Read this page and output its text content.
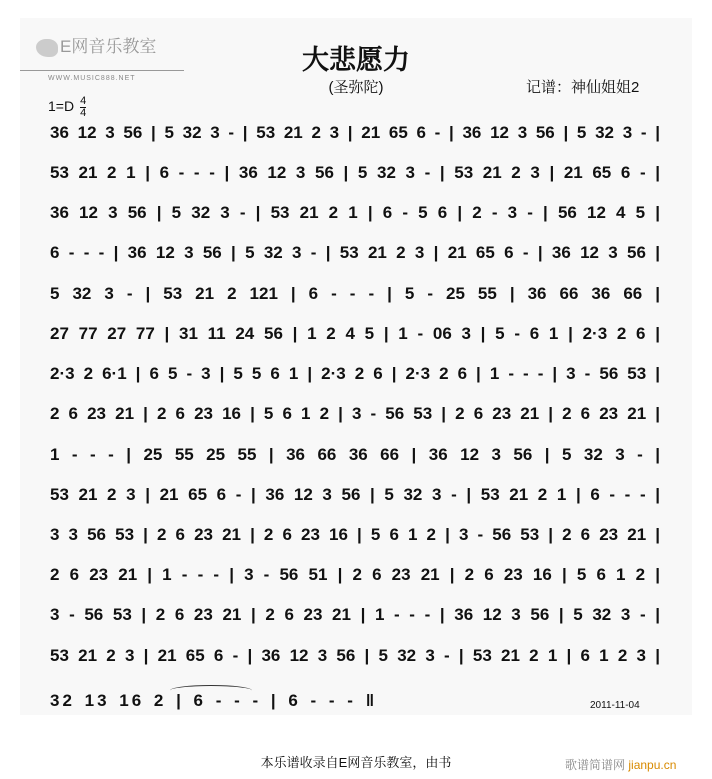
E网音乐教室
WWW.MUSIC888.NET
大悲愿力
(圣弥陀)	记谱：神仙姐姐2
$1=D \frac{4}{4}$
36 12 3 56 | 5 32 3 - | 53 21 2 3 | 21 65 6 - | 36 12 3 56 | 5 32 3 - |
53 21 2 1 | 6 - - - | 36 12 3 56 | 5 32 3 - | 53 21 2 3 | 21 65 6 - |
36 12 3 56 | 5 32 3 - | 53 21 2 1 | 6 - 5 6 | 2 - 3 - | 56 12 4 5 |
6 - - - | 36 12 3 56 | 5 32 3 - | 53 21 2 3 | 21 65 6 - | 36 12 3 56 |
5 32 3 - | 53 21 2 121 | 6 - - - | 5 - 25 55 | 36 66 36 66 |
27 77 27 77 | 31 11 24 56 | 1 2 4 5 | 1 - 06 3 | 5 - 6 1 | 2·3 2 6 |
2·3 2 6·1 | 6 5 - 3 | 5 5 6 1 | 2·3 2 6 | 2·3 2 6 | 1 - - - | 3 - 56 53 |
2 6 23 21 | 2 6 23 16 | 5 6 1 2 | 3 - 56 53 | 2 6 23 21 | 2 6 23 21 |
1 - - - | 25 55 25 55 | 36 66 36 66 | 36 12 3 56 | 5 32 3 - |
53 21 2 3 | 21 65 6 - | 36 12 3 56 | 5 32 3 - | 53 21 2 1 | 6 - - - |
3 3 56 53 | 2 6 23 21 | 2 6 23 16 | 5 6 1 2 | 3 - 56 53 | 2 6 23 21 |
2 6 23 21 | 1 - - - | 3 - 56 51 | 2 6 23 21 | 2 6 23 16 | 5 6 1 2 |
3 - 56 53 | 2 6 23 21 | 2 6 23 21 | 1 - - - | 36 12 3 56 | 5 32 3 - |
53 21 2 3 | 21 65 6 - | 36 12 3 56 | 5 32 3 - | 53 21 2 1 | 6 1 2 3 |
32 13 16 2 | 6 - - - | 6 - - - ‖	2011-11-04
本乐谱收录自E网音乐教室，由书	歌谱简谱网 jianpu.cn
